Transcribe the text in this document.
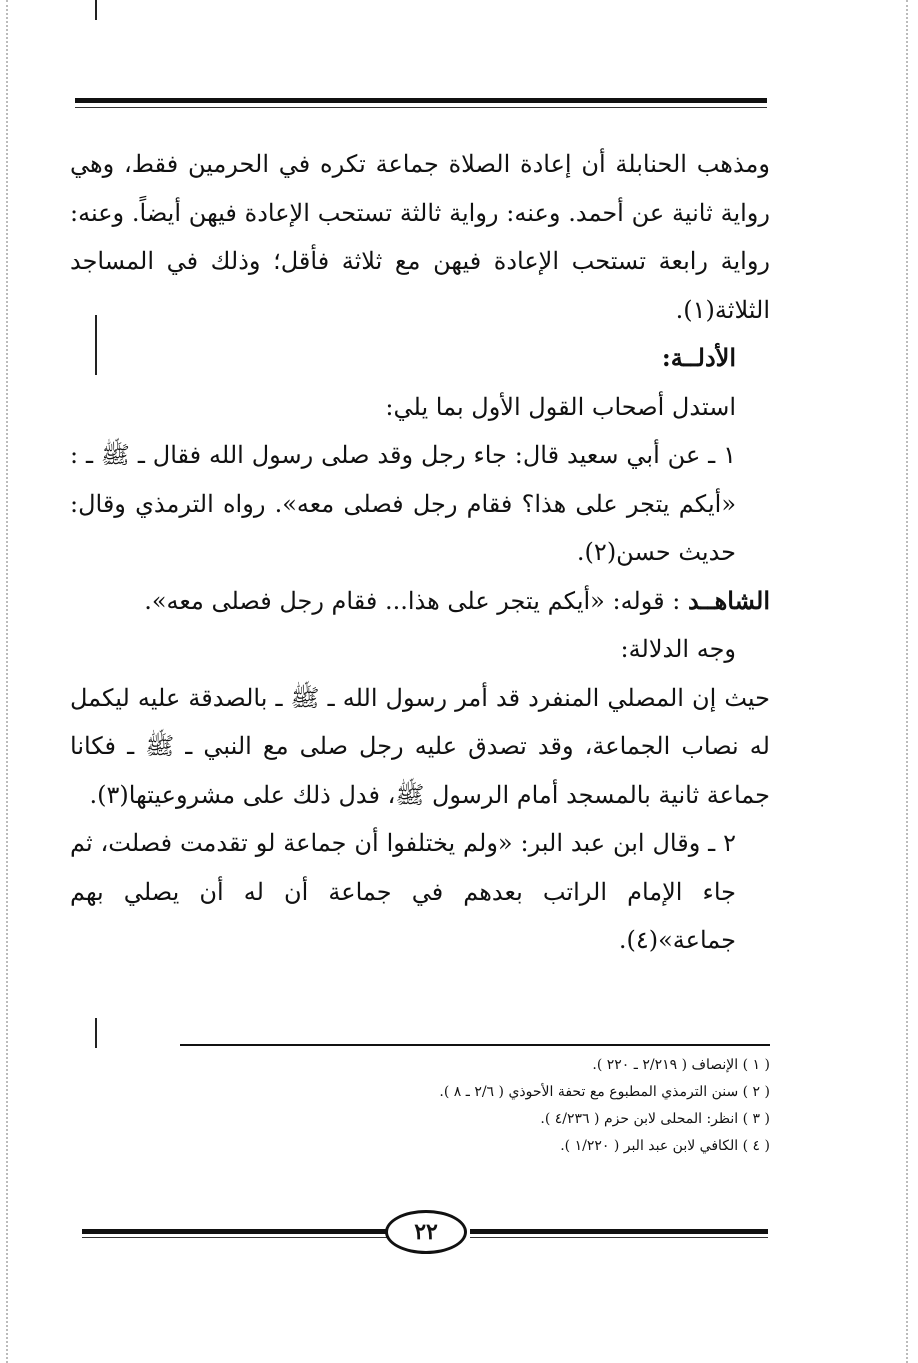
ومذهب الحنابلة أن إعادة الصلاة جماعة تكره في الحرمين فقط، وهي رواية ثانية عن أحمد. وعنه: رواية ثالثة تستحب الإعادة فيهن أيضاً. وعنه: رواية رابعة تستحب الإعادة فيهن مع ثلاثة فأقل؛ وذلك في المساجد الثلاثة(١).

الأدلــة:

استدل أصحاب القول الأول بما يلي:

١ ـ عن أبي سعيد قال: جاء رجل وقد صلى رسول الله فقال ـ ﷺ ـ : «أيكم يتجر على هذا؟ فقام رجل فصلى معه». رواه الترمذي وقال: حديث حسن(٢).

الشاهــد : قوله: «أيكم يتجر على هذا... فقام رجل فصلى معه».

وجه الدلالة:

حيث إن المصلي المنفرد قد أمر رسول الله ـ ﷺ ـ بالصدقة عليه ليكمل له نصاب الجماعة، وقد تصدق عليه رجل صلى مع النبي ـ ﷺ ـ فكانا جماعة ثانية بالمسجد أمام الرسول ﷺ، فدل ذلك على مشروعيتها(٣).

٢ ـ وقال ابن عبد البر: «ولم يختلفوا أن جماعة لو تقدمت فصلت، ثم جاء الإمام الراتب بعدهم في جماعة أن له أن يصلي بهم جماعة»(٤).

( ١ ) الإنصاف ( ٢/٢١٩ ـ ٢٢٠ ).
( ٢ ) سنن الترمذي المطبوع مع تحفة الأحوذي ( ٢/٦ ـ ٨ ).
( ٣ ) انظر: المحلى لابن حزم ( ٤/٢٣٦ ).
( ٤ ) الكافي لابن عبد البر ( ١/٢٢٠ ).
٢٢
